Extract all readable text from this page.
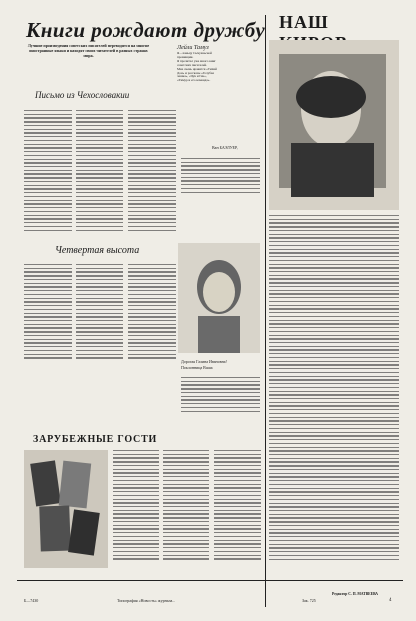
Книги рождают дружбу
Лучшие произведения советских писателей переводятся на многие иностранные языки и находят своих читателей в разных странах мира.
Лейли Тамуз
Я—ханьцу Сычуаньской
провинции.
Я прочитал уже много книг
советских писателей.
Мне очень нравится «Тихий
Дон» и рассказы «Голубая
чашка», «Чук и Гек»,
«Тимур и его команда».
Ван БАЭЛУЕР,
Письмо из Чехословакии
Четвертая высота
Дорогая Галина Ивановна!
Поклонница Ваша
ЗАРУБЕЖНЫЕ ГОСТИ
НАШ
Редактор С. П. МАТВЕЕВА
Б—7430	Типография «Новость» журнала...	Зак. 725	4
